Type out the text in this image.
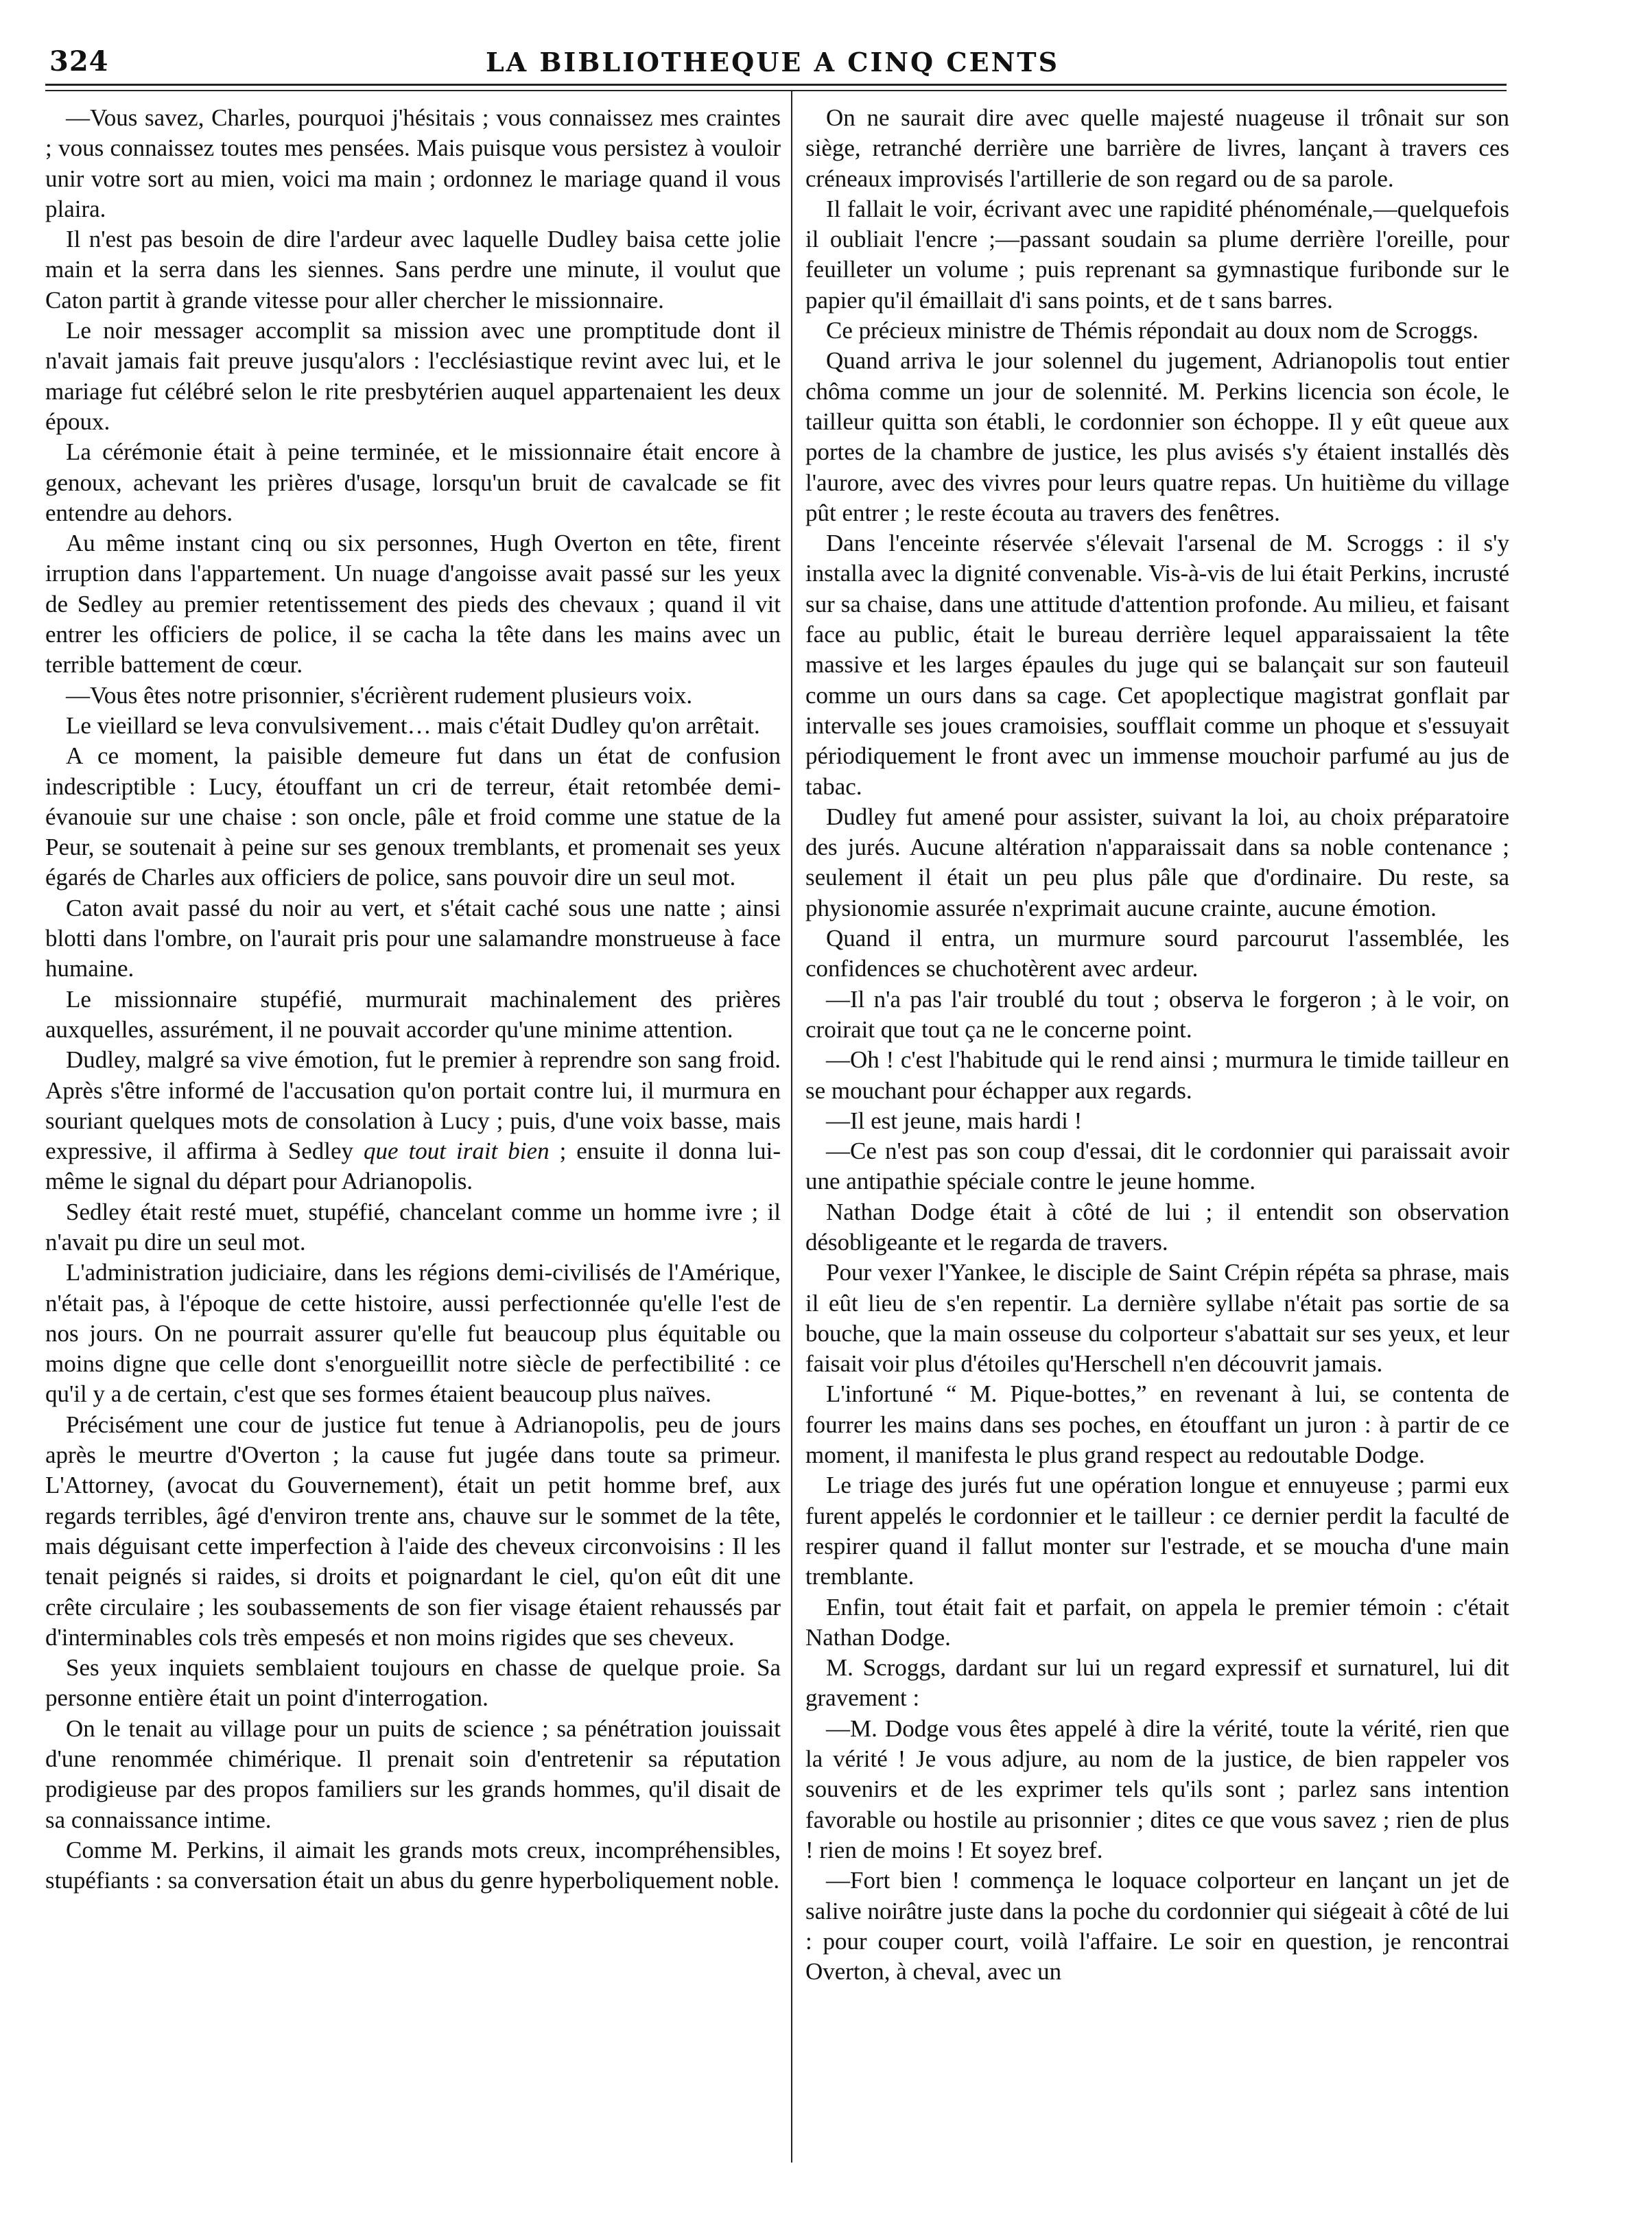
324	LA BIBLIOTHEQUE A CINQ CENTS

—Vous savez, Charles, pourquoi j'hésitais ; vous connaissez mes craintes ; vous connaissez toutes mes pensées. Mais puisque vous persistez à vouloir unir votre sort au mien, voici ma main ; ordonnez le mariage quand il vous plaira.

Il n'est pas besoin de dire l'ardeur avec laquelle Dudley baisa cette jolie main et la serra dans les siennes. Sans perdre une minute, il voulut que Caton partit à grande vitesse pour aller chercher le missionnaire.

Le noir messager accomplit sa mission avec une promptitude dont il n'avait jamais fait preuve jusqu'alors : l'ecclésiastique revint avec lui, et le mariage fut célébré selon le rite presbytérien auquel appartenaient les deux époux.

La cérémonie était à peine terminée, et le missionnaire était encore à genoux, achevant les prières d'usage, lorsqu'un bruit de cavalcade se fit entendre au dehors.

Au même instant cinq ou six personnes, Hugh Overton en tête, firent irruption dans l'appartement. Un nuage d'angoisse avait passé sur les yeux de Sedley au premier retentissement des pieds des chevaux ; quand il vit entrer les officiers de police, il se cacha la tête dans les mains avec un terrible battement de cœur.

—Vous êtes notre prisonnier, s'écrièrent rudement plusieurs voix.

Le vieillard se leva convulsivement… mais c'était Dudley qu'on arrêtait.

A ce moment, la paisible demeure fut dans un état de confusion indescriptible : Lucy, étouffant un cri de terreur, était retombée demi-évanouie sur une chaise : son oncle, pâle et froid comme une statue de la Peur, se soutenait à peine sur ses genoux tremblants, et promenait ses yeux égarés de Charles aux officiers de police, sans pouvoir dire un seul mot.

Caton avait passé du noir au vert, et s'était caché sous une natte ; ainsi blotti dans l'ombre, on l'aurait pris pour une salamandre monstrueuse à face humaine.

Le missionnaire stupéfié, murmurait machinalement des prières auxquelles, assurément, il ne pouvait accorder qu'une minime attention.

Dudley, malgré sa vive émotion, fut le premier à reprendre son sang froid. Après s'être informé de l'accusation qu'on portait contre lui, il murmura en souriant quelques mots de consolation à Lucy ; puis, d'une voix basse, mais expressive, il affirma à Sedley que tout irait bien ; ensuite il donna lui-même le signal du départ pour Adrianopolis.

Sedley était resté muet, stupéfié, chancelant comme un homme ivre ; il n'avait pu dire un seul mot.

L'administration judiciaire, dans les régions demi-civilisés de l'Amérique, n'était pas, à l'époque de cette histoire, aussi perfectionnée qu'elle l'est de nos jours. On ne pourrait assurer qu'elle fut beaucoup plus équitable ou moins digne que celle dont s'enorgueillit notre siècle de perfectibilité : ce qu'il y a de certain, c'est que ses formes étaient beaucoup plus naïves.

Précisément une cour de justice fut tenue à Adrianopolis, peu de jours après le meurtre d'Overton ; la cause fut jugée dans toute sa primeur. L'Attorney, (avocat du Gouvernement), était un petit homme bref, aux regards terribles, âgé d'environ trente ans, chauve sur le sommet de la tête, mais déguisant cette imperfection à l'aide des cheveux circonvoisins : Il les tenait peignés si raides, si droits et poignardant le ciel, qu'on eût dit une crête circulaire ; les soubassements de son fier visage étaient rehaussés par d'interminables cols très empesés et non moins rigides que ses cheveux.

Ses yeux inquiets semblaient toujours en chasse de quelque proie. Sa personne entière était un point d'interrogation.

On le tenait au village pour un puits de science ; sa pénétration jouissait d'une renommée chimérique. Il prenait soin d'entretenir sa réputation prodigieuse par des propos familiers sur les grands hommes, qu'il disait de sa connaissance intime.

Comme M. Perkins, il aimait les grands mots creux, incompréhensibles, stupéfiants : sa conversation était un abus du genre hyperboliquement noble.

On ne saurait dire avec quelle majesté nuageuse il trônait sur son siège, retranché derrière une barrière de livres, lançant à travers ces créneaux improvisés l'artillerie de son regard ou de sa parole.

Il fallait le voir, écrivant avec une rapidité phénoménale,—quelquefois il oubliait l'encre ;—passant soudain sa plume derrière l'oreille, pour feuilleter un volume ; puis reprenant sa gymnastique furibonde sur le papier qu'il émaillait d'i sans points, et de t sans barres.

Ce précieux ministre de Thémis répondait au doux nom de Scroggs.

Quand arriva le jour solennel du jugement, Adrianopolis tout entier chôma comme un jour de solennité. M. Perkins licencia son école, le tailleur quitta son établi, le cordonnier son échoppe. Il y eût queue aux portes de la chambre de justice, les plus avisés s'y étaient installés dès l'aurore, avec des vivres pour leurs quatre repas. Un huitième du village pût entrer ; le reste écouta au travers des fenêtres.

Dans l'enceinte réservée s'élevait l'arsenal de M. Scroggs : il s'y installa avec la dignité convenable. Vis-à-vis de lui était Perkins, incrusté sur sa chaise, dans une attitude d'attention profonde. Au milieu, et faisant face au public, était le bureau derrière lequel apparaissaient la tête massive et les larges épaules du juge qui se balançait sur son fauteuil comme un ours dans sa cage. Cet apoplectique magistrat gonflait par intervalle ses joues cramoisies, soufflait comme un phoque et s'essuyait périodiquement le front avec un immense mouchoir parfumé au jus de tabac.

Dudley fut amené pour assister, suivant la loi, au choix préparatoire des jurés. Aucune altération n'apparaissait dans sa noble contenance ; seulement il était un peu plus pâle que d'ordinaire. Du reste, sa physionomie assurée n'exprimait aucune crainte, aucune émotion.

Quand il entra, un murmure sourd parcourut l'assemblée, les confidences se chuchotèrent avec ardeur.

—Il n'a pas l'air troublé du tout ; observa le forgeron ; à le voir, on croirait que tout ça ne le concerne point.

—Oh ! c'est l'habitude qui le rend ainsi ; murmura le timide tailleur en se mouchant pour échapper aux regards.

—Il est jeune, mais hardi !

—Ce n'est pas son coup d'essai, dit le cordonnier qui paraissait avoir une antipathie spéciale contre le jeune homme.

Nathan Dodge était à côté de lui ; il entendit son observation désobligeante et le regarda de travers.

Pour vexer l'Yankee, le disciple de Saint Crépin répéta sa phrase, mais il eût lieu de s'en repentir. La dernière syllabe n'était pas sortie de sa bouche, que la main osseuse du colporteur s'abattait sur ses yeux, et leur faisait voir plus d'étoiles qu'Herschell n'en découvrit jamais.

L'infortuné “ M. Pique-bottes,” en revenant à lui, se contenta de fourrer les mains dans ses poches, en étouffant un juron : à partir de ce moment, il manifesta le plus grand respect au redoutable Dodge.

Le triage des jurés fut une opération longue et ennuyeuse ; parmi eux furent appelés le cordonnier et le tailleur : ce dernier perdit la faculté de respirer quand il fallut monter sur l'estrade, et se moucha d'une main tremblante.

Enfin, tout était fait et parfait, on appela le premier témoin : c'était Nathan Dodge.

M. Scroggs, dardant sur lui un regard expressif et surnaturel, lui dit gravement :

—M. Dodge vous êtes appelé à dire la vérité, toute la vérité, rien que la vérité ! Je vous adjure, au nom de la justice, de bien rappeler vos souvenirs et de les exprimer tels qu'ils sont ; parlez sans intention favorable ou hostile au prisonnier ; dites ce que vous savez ; rien de plus ! rien de moins ! Et soyez bref.

—Fort bien ! commença le loquace colporteur en lançant un jet de salive noirâtre juste dans la poche du cordonnier qui siégeait à côté de lui : pour couper court, voilà l'affaire. Le soir en question, je rencontrai Overton, à cheval, avec un
